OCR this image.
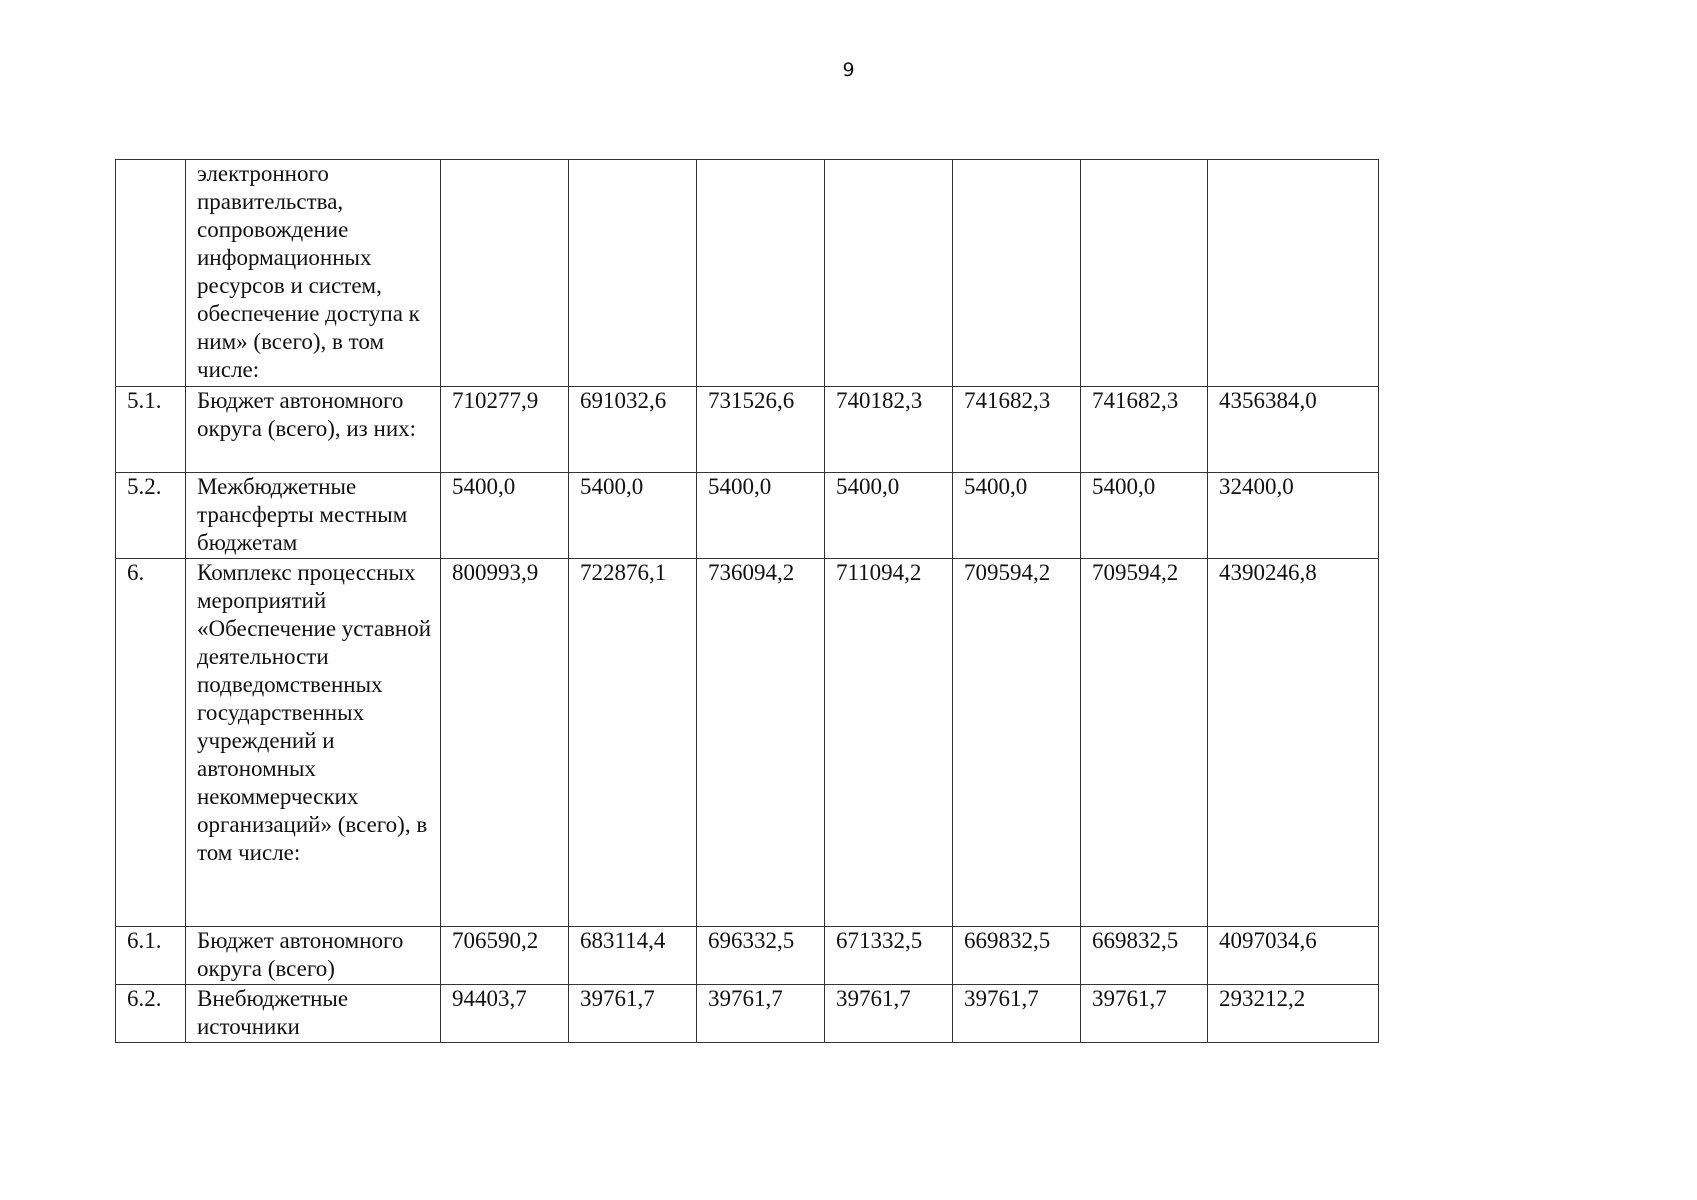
9
	электронного правительства, сопровождение информационных ресурсов и систем, обеспечение доступа к ним» (всего), в том числе:							
5.1.	Бюджет автономного округа (всего), из них:	710277,9	691032,6	731526,6	740182,3	741682,3	741682,3	4356384,0
5.2.	Межбюджетные трансферты местным бюджетам	5400,0	5400,0	5400,0	5400,0	5400,0	5400,0	32400,0
6.	Комплекс процессных мероприятий «Обеспечение уставной деятельности подведомственных государственных учреждений и автономных некоммерческих организаций» (всего), в том числе:	800993,9	722876,1	736094,2	711094,2	709594,2	709594,2	4390246,8
6.1.	Бюджет автономного округа (всего)	706590,2	683114,4	696332,5	671332,5	669832,5	669832,5	4097034,6
6.2.	Внебюджетные источники	94403,7	39761,7	39761,7	39761,7	39761,7	39761,7	293212,2
